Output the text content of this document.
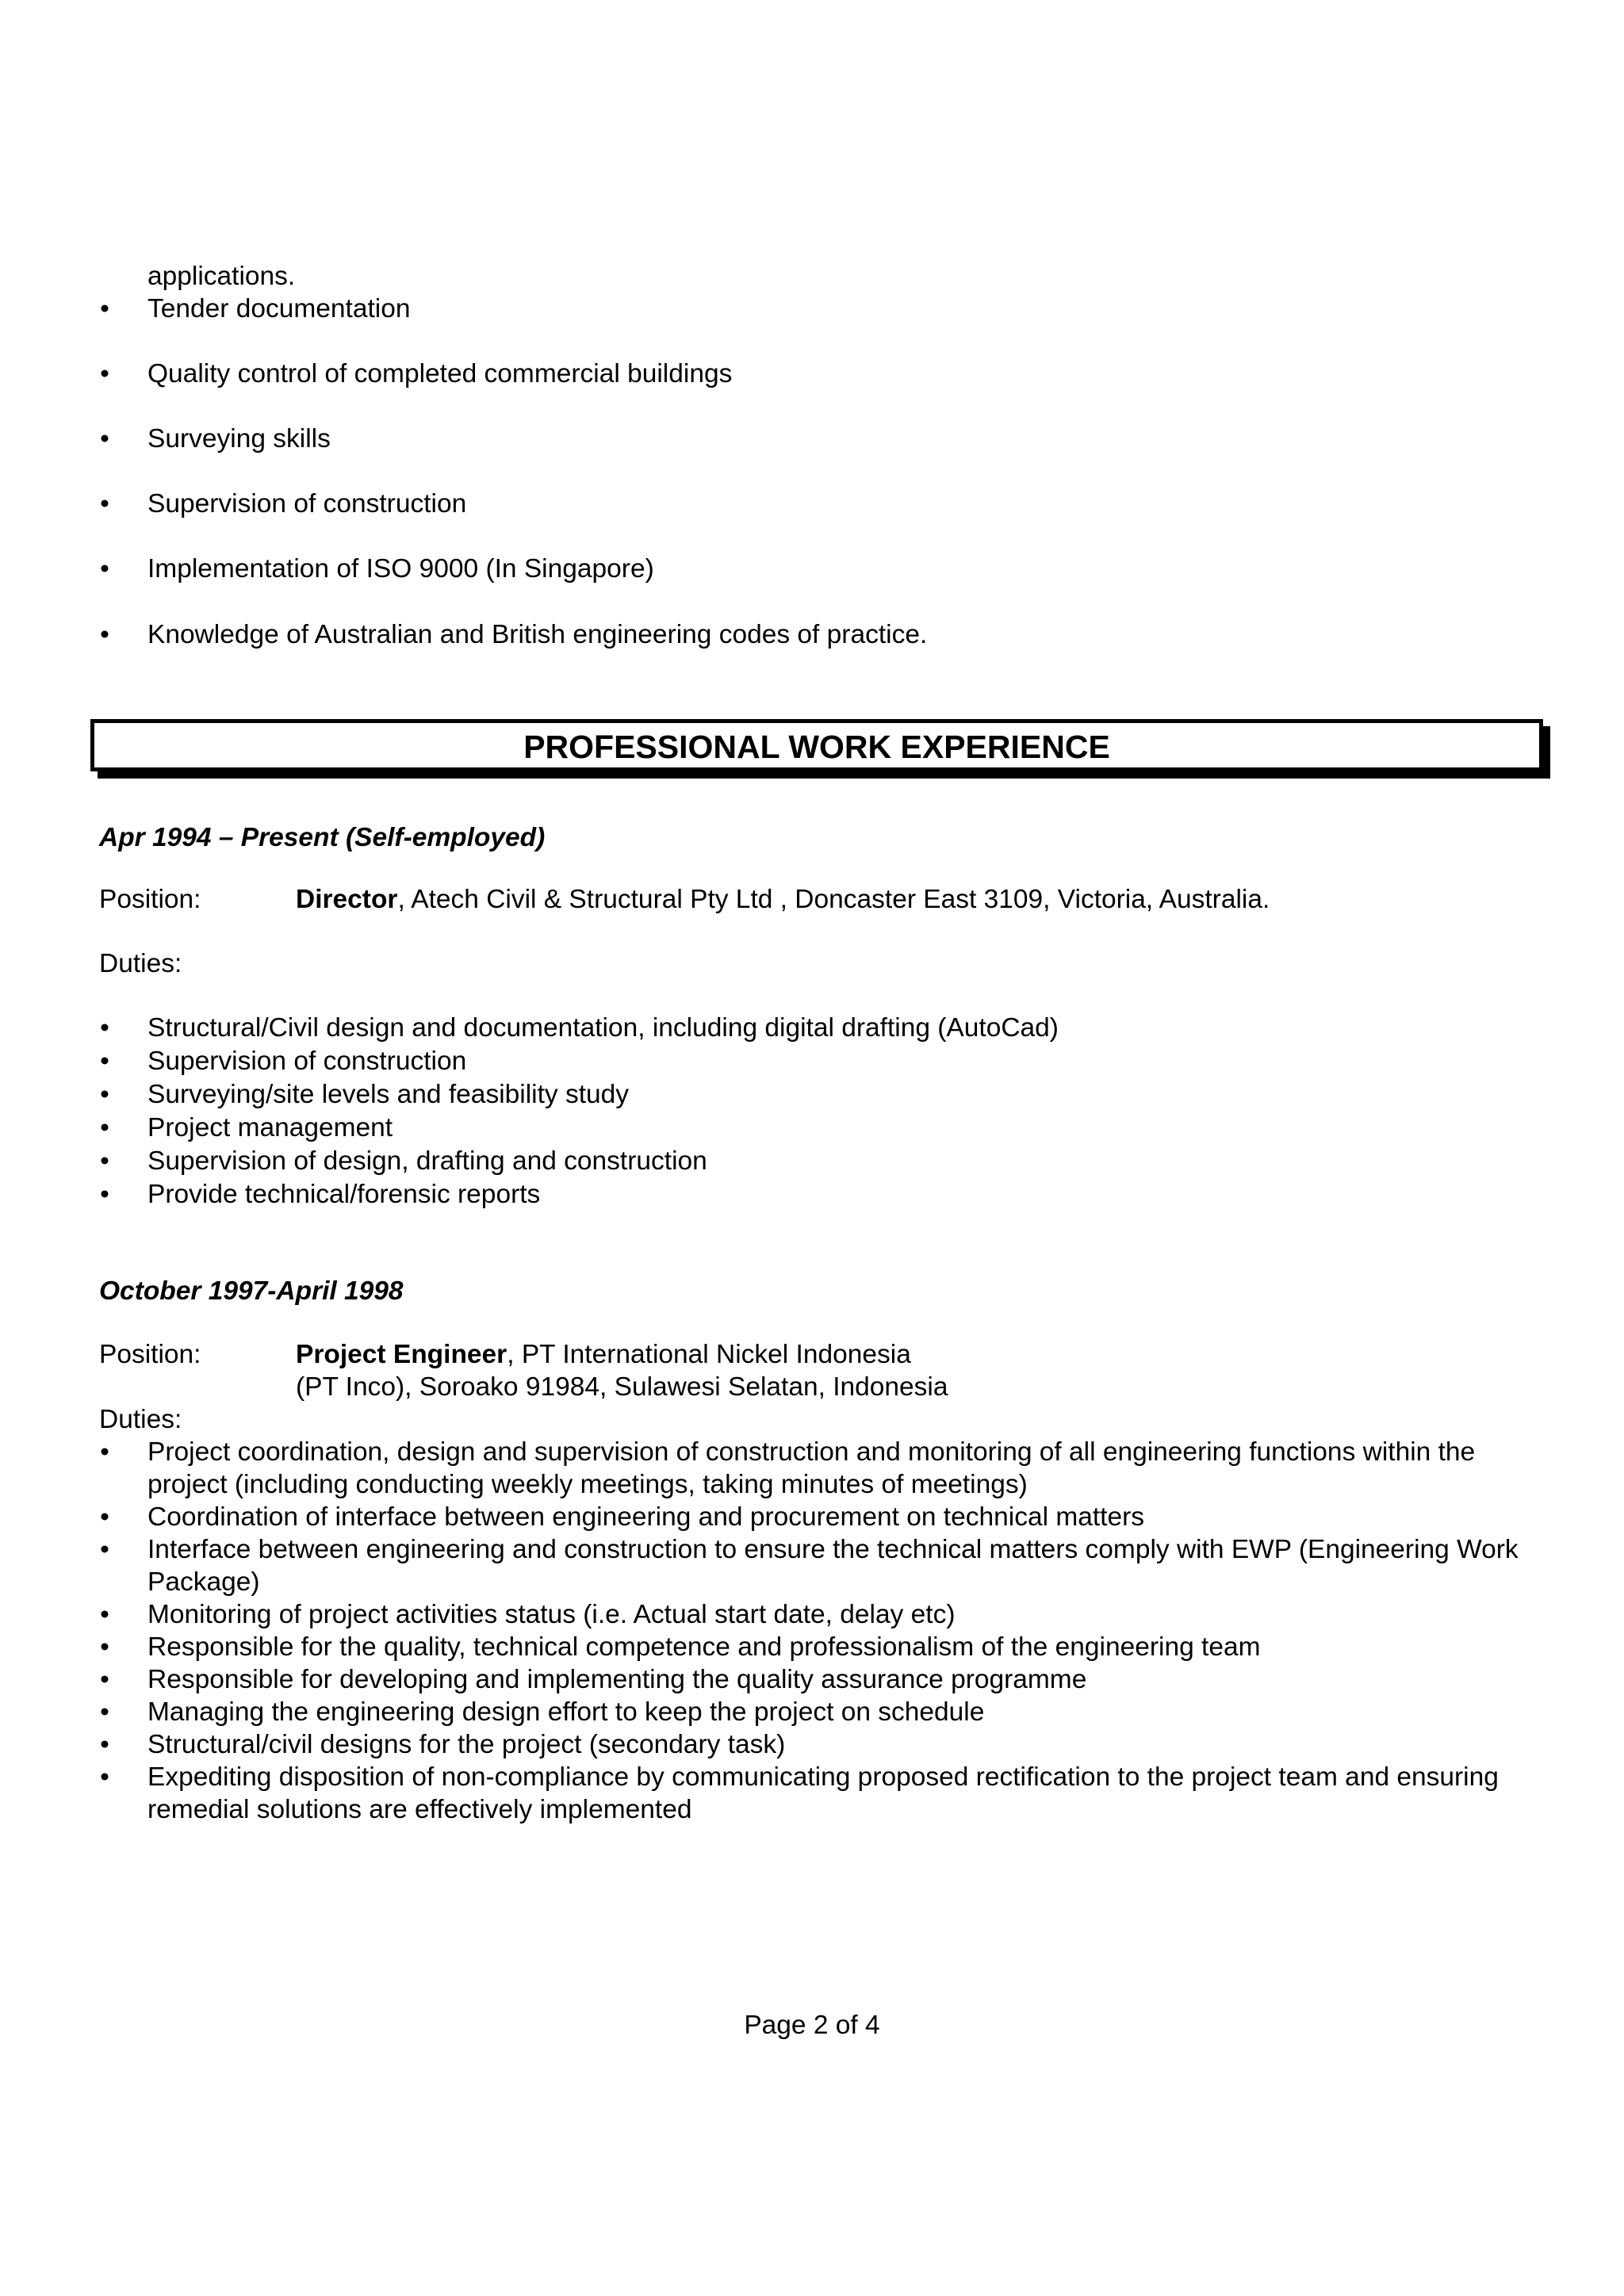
applications.
• Tender documentation
• Quality control of completed commercial buildings
• Surveying skills
• Supervision of construction
• Implementation of ISO 9000 (In Singapore)
• Knowledge of Australian and British engineering codes of practice.
PROFESSIONAL WORK EXPERIENCE
Apr 1994 – Present (Self-employed)
Position:	Director, Atech Civil & Structural Pty Ltd , Doncaster East 3109, Victoria, Australia.
Duties:
• Structural/Civil design and documentation, including digital drafting (AutoCad)
• Supervision of construction
• Surveying/site levels and feasibility study
• Project management
• Supervision of design, drafting and construction
• Provide technical/forensic reports
October 1997-April 1998
Position:	Project Engineer, PT International Nickel Indonesia
(PT Inco), Soroako 91984, Sulawesi Selatan, Indonesia
Duties:
• Project coordination, design and supervision of construction and monitoring of all engineering functions within the project (including conducting weekly meetings, taking minutes of meetings)
• Coordination of interface between engineering and procurement on technical matters
• Interface between engineering and construction to ensure the technical matters comply with EWP (Engineering Work Package)
• Monitoring of project activities status (i.e. Actual start date, delay etc)
• Responsible for the quality, technical competence and professionalism of the engineering team
• Responsible for developing and implementing the quality assurance programme
• Managing the engineering design effort to keep the project on schedule
• Structural/civil designs for the project (secondary task)
• Expediting disposition of non-compliance by communicating proposed rectification to the project team and ensuring remedial solutions are effectively implemented
Page 2 of 4
